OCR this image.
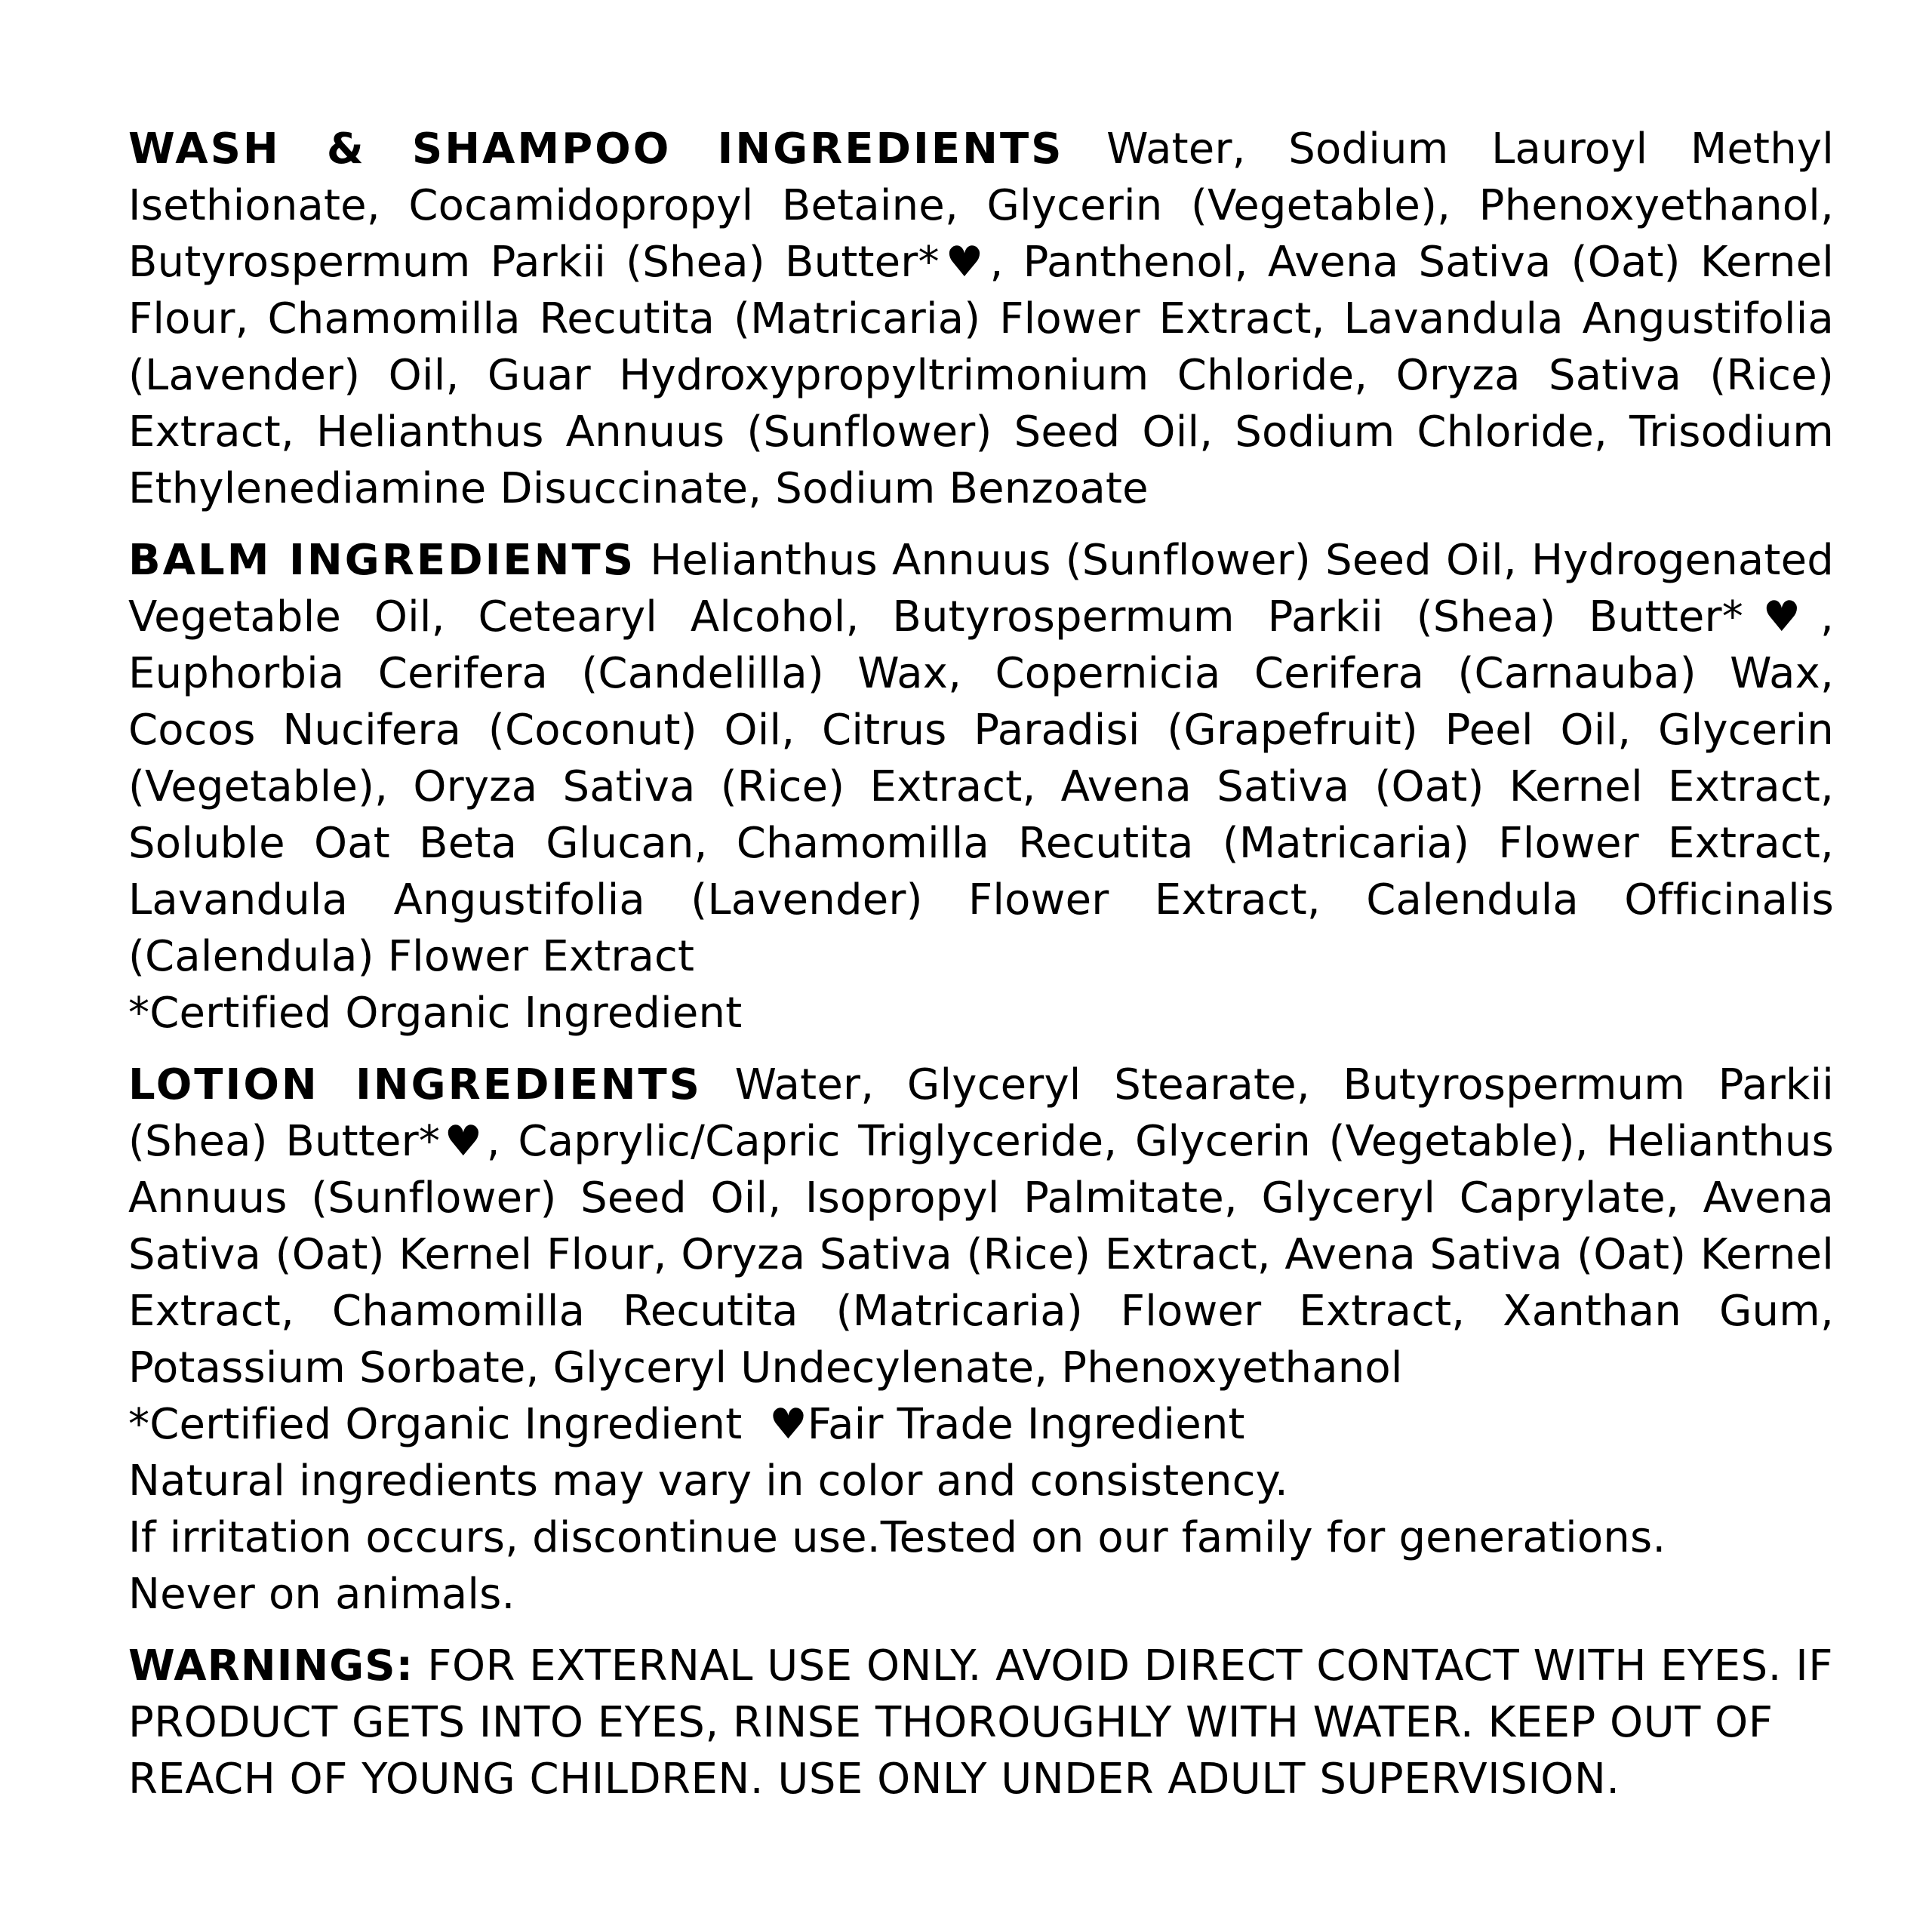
WASH & SHAMPOO INGREDIENTS Water, Sodium Lauroyl Methyl Isethionate, Cocamidopropyl Betaine, Glycerin (Vegetable), Phenoxyethanol, Butyrospermum Parkii (Shea) Butter*♥, Panthenol, Avena Sativa (Oat) Kernel Flour, Chamomilla Recutita (Matricaria) Flower Extract, Lavandula Angustifolia (Lavender) Oil, Guar Hydroxypropyltrimonium Chloride, Oryza Sativa (Rice) Extract, Helianthus Annuus (Sunflower) Seed Oil, Sodium Chloride, Trisodium Ethylenediamine Disuccinate, Sodium Benzoate

BALM INGREDIENTS Helianthus Annuus (Sunflower) Seed Oil, Hydrogenated Vegetable Oil, Cetearyl Alcohol, Butyrospermum Parkii (Shea) Butter*♥, Euphorbia Cerifera (Candelilla) Wax, Copernicia Cerifera (Carnauba) Wax, Cocos Nucifera (Coconut) Oil, Citrus Paradisi (Grapefruit) Peel Oil, Glycerin (Vegetable), Oryza Sativa (Rice) Extract, Avena Sativa (Oat) Kernel Extract, Soluble Oat Beta Glucan, Chamomilla Recutita (Matricaria) Flower Extract, Lavandula Angustifolia (Lavender) Flower Extract, Calendula Officinalis (Calendula) Flower Extract

*Certified Organic Ingredient

LOTION INGREDIENTS Water, Glyceryl Stearate, Butyrospermum Parkii (Shea) Butter*♥, Caprylic/Capric Triglyceride, Glycerin (Vegetable), Helianthus Annuus (Sunflower) Seed Oil, Isopropyl Palmitate, Glyceryl Caprylate, Avena Sativa (Oat) Kernel Flour, Oryza Sativa (Rice) Extract, Avena Sativa (Oat) Kernel Extract, Chamomilla Recutita (Matricaria) Flower Extract, Xanthan Gum, Potassium Sorbate, Glyceryl Undecylenate, Phenoxyethanol

*Certified Organic Ingredient  ♥Fair Trade Ingredient

Natural ingredients may vary in color and consistency.

If irritation occurs, discontinue use.Tested on our family for generations. Never on animals.

WARNINGS: FOR EXTERNAL USE ONLY. AVOID DIRECT CONTACT WITH EYES. IF PRODUCT GETS INTO EYES, RINSE THOROUGHLY WITH WATER. KEEP OUT OF REACH OF YOUNG CHILDREN. USE ONLY UNDER ADULT SUPERVISION.
